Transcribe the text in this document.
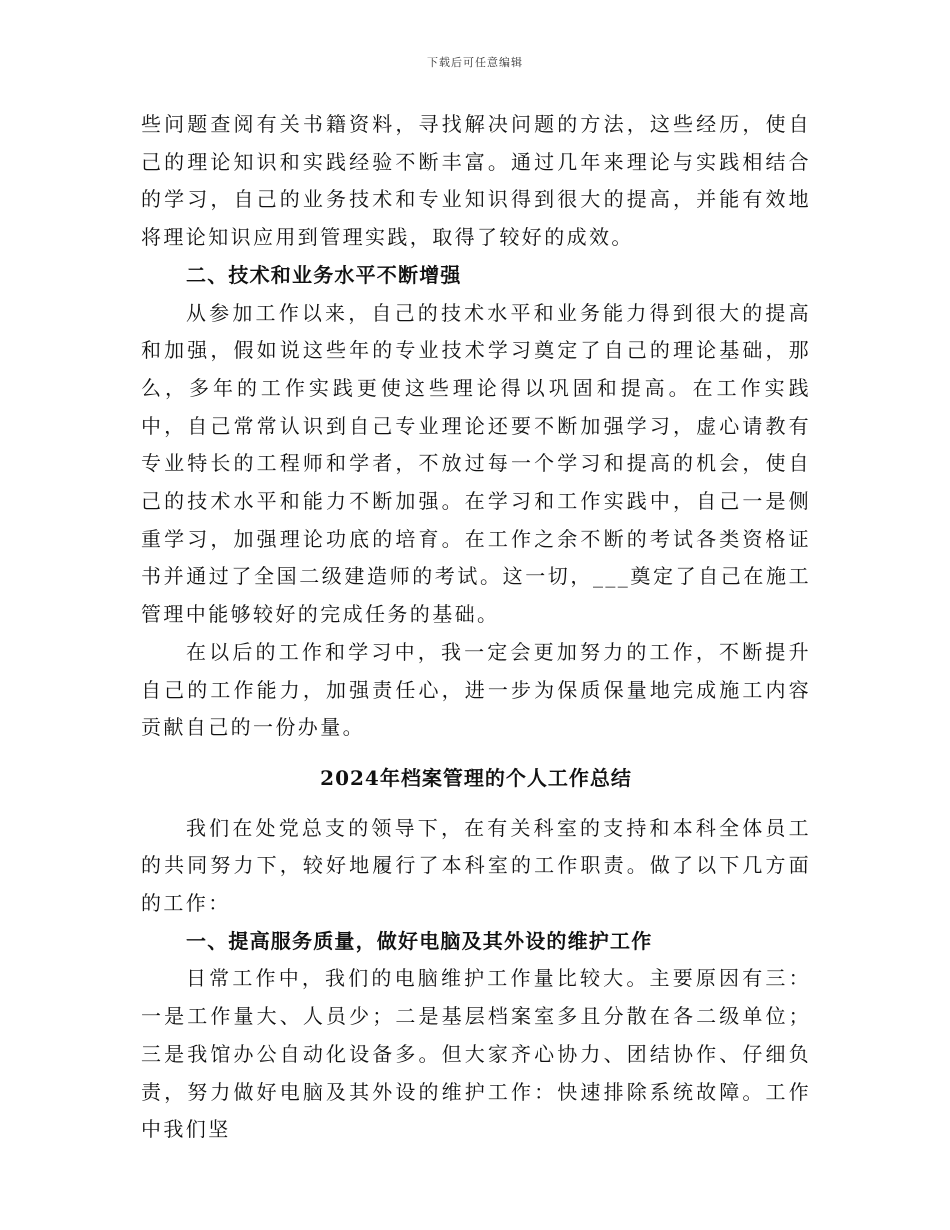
下载后可任意编辑

些问题查阅有关书籍资料，寻找解决问题的方法，这些经历，使自己的理论知识和实践经验不断丰富。通过几年来理论与实践相结合的学习，自己的业务技术和专业知识得到很大的提高，并能有效地将理论知识应用到管理实践，取得了较好的成效。

二、技术和业务水平不断增强

从参加工作以来，自己的技术水平和业务能力得到很大的提高和加强，假如说这些年的专业技术学习奠定了自己的理论基础，那么，多年的工作实践更使这些理论得以巩固和提高。在工作实践中，自己常常认识到自己专业理论还要不断加强学习，虚心请教有专业特长的工程师和学者，不放过每一个学习和提高的机会，使自己的技术水平和能力不断加强。在学习和工作实践中，自己一是侧重学习，加强理论功底的培育。在工作之余不断的考试各类资格证书并通过了全国二级建造师的考试。这一切，___奠定了自己在施工管理中能够较好的完成任务的基础。

在以后的工作和学习中，我一定会更加努力的工作，不断提升自己的工作能力，加强责任心，进一步为保质保量地完成施工内容贡献自己的一份办量。

2024年档案管理的个人工作总结

我们在处党总支的领导下，在有关科室的支持和本科全体员工的共同努力下，较好地履行了本科室的工作职责。做了以下几方面的工作：

一、提高服务质量，做好电脑及其外设的维护工作

日常工作中，我们的电脑维护工作量比较大。主要原因有三：一是工作量大、人员少；二是基层档案室多且分散在各二级单位；三是我馆办公自动化设备多。但大家齐心协力、团结协作、仔细负责，努力做好电脑及其外设的维护工作：快速排除系统故障。工作中我们坚
